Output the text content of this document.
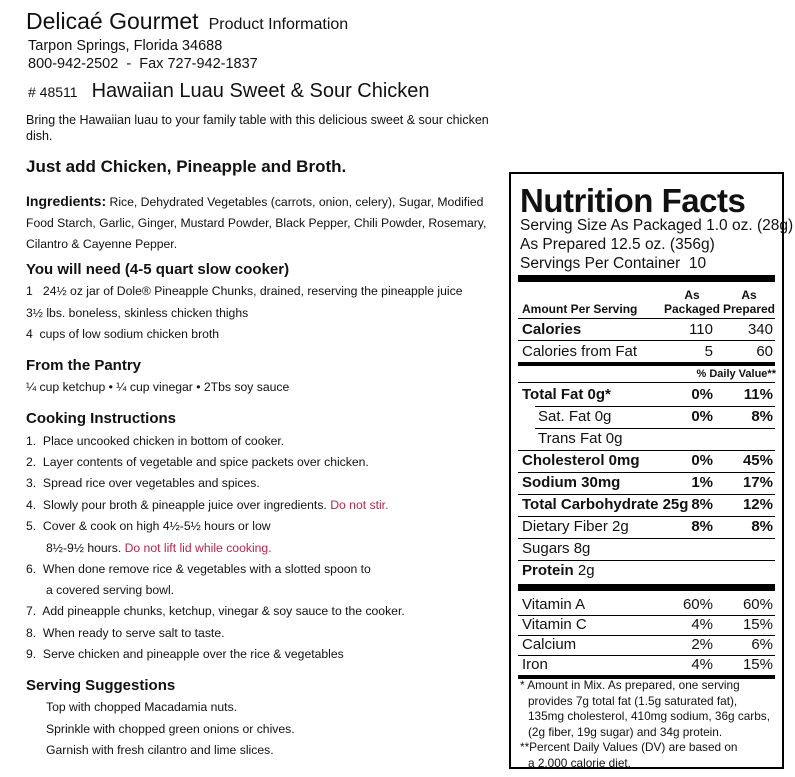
Delicaé Gourmet Product Information
Tarpon Springs, Florida 34688
800-942-2502  -  Fax 727-942-1837
# 48511 Hawaiian Luau Sweet & Sour Chicken
Bring the Hawaiian luau to your family table with this delicious sweet & sour chicken dish.
Just add Chicken, Pineapple and Broth.
Ingredients: Rice, Dehydrated Vegetables (carrots, onion, celery), Sugar, Modified Food Starch, Garlic, Ginger, Mustard Powder, Black Pepper, Chili Powder, Rosemary, Cilantro & Cayenne Pepper.
You will need (4-5 quart slow cooker)
1   24½ oz jar of Dole® Pineapple Chunks, drained, reserving the pineapple juice
3½ lbs. boneless, skinless chicken thighs
4  cups of low sodium chicken broth
From the Pantry
¼ cup ketchup • ¼ cup vinegar • 2Tbs soy sauce
Cooking Instructions
1.  Place uncooked chicken in bottom of cooker.
2.  Layer contents of vegetable and spice packets over chicken.
3.  Spread rice over vegetables and spices.
4.  Slowly pour broth & pineapple juice over ingredients. Do not stir.
5.  Cover & cook on high 4½-5½ hours or low
8½-9½ hours. Do not lift lid while cooking.
6.  When done remove rice & vegetables with a slotted spoon to
a covered serving bowl.
7.  Add pineapple chunks, ketchup, vinegar & soy sauce to the cooker.
8.  When ready to serve salt to taste.
9.  Serve chicken and pineapple over the rice & vegetables
Serving Suggestions
Top with chopped Macadamia nuts.
Sprinkle with chopped green onions or chives.
Garnish with fresh cilantro and lime slices.
Nutrition Facts
Serving Size As Packaged 1.0 oz. (28g)
As Prepared 12.5 oz. (356g)
Servings Per Container  10
Amount Per Serving
As Packaged
As Prepared
Calories	110 340
Calories from Fat	5	60
% Daily Value**
Total Fat 0g*	0% 11%
Sat. Fat 0g	0%	8%
Trans Fat 0g
Cholesterol 0mg	0% 45%
Sodium 30mg	1% 17%
Total Carbohydrate 25g 8% 12%
Dietary Fiber 2g	8%	8%
Sugars 8g
Protein 2g
Vitamin A	60% 60%
Vitamin C	4% 15%
Calcium	2%	6%
Iron	4% 15%
* Amount in Mix. As prepared, one serving
provides 7g total fat (1.5g saturated fat),
135mg cholesterol, 410mg sodium, 36g carbs,
(2g fiber, 19g sugar) and 34g protein.
**Percent Daily Values (DV) are based on
a 2,000 calorie diet.
